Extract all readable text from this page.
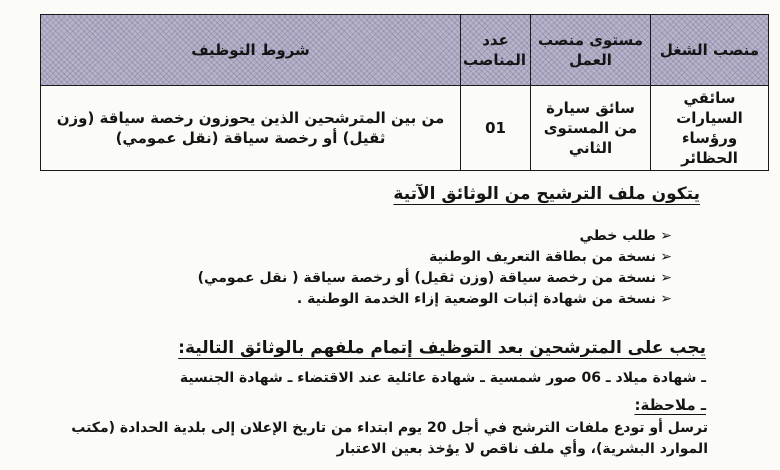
منصب الشغل	مستوى منصب العمل	عدد المناصب	شروط التوظيف
سائقي السيارات ورؤساء الحظائر	سائق سيارة من المستوى الثاني	01	من بين المترشحين الذين يحوزون رخصة سياقة (وزن ثقيل) أو رخصة سياقة (نقل عمومي)
يتكون ملف الترشيح من الوثائق الآتية
➢طلب خطي
➢نسخة من بطاقة التعريف الوطنية
➢نسخة من رخصة سياقة (وزن ثقيل) أو رخصة سياقة ( نقل عمومي)
➢نسخة من شهادة إثبات الوضعية إزاء الخدمة الوطنية .
يجب على المترشحين بعد التوظيف إتمام ملفهم بالوثائق التالية:
ـ شهادة ميلاد ـ 06 صور شمسية ـ شهادة عائلية عند الاقتضاء ـ شهادة الجنسية
ـ ملاحظة:
ترسل أو تودع ملفات الترشح في أجل 20 يوم ابتداء من تاريخ الإعلان إلى بلدية الحدادة (مكتب الموارد البشرية)، وأي ملف ناقص لا يؤخذ بعين الاعتبار
